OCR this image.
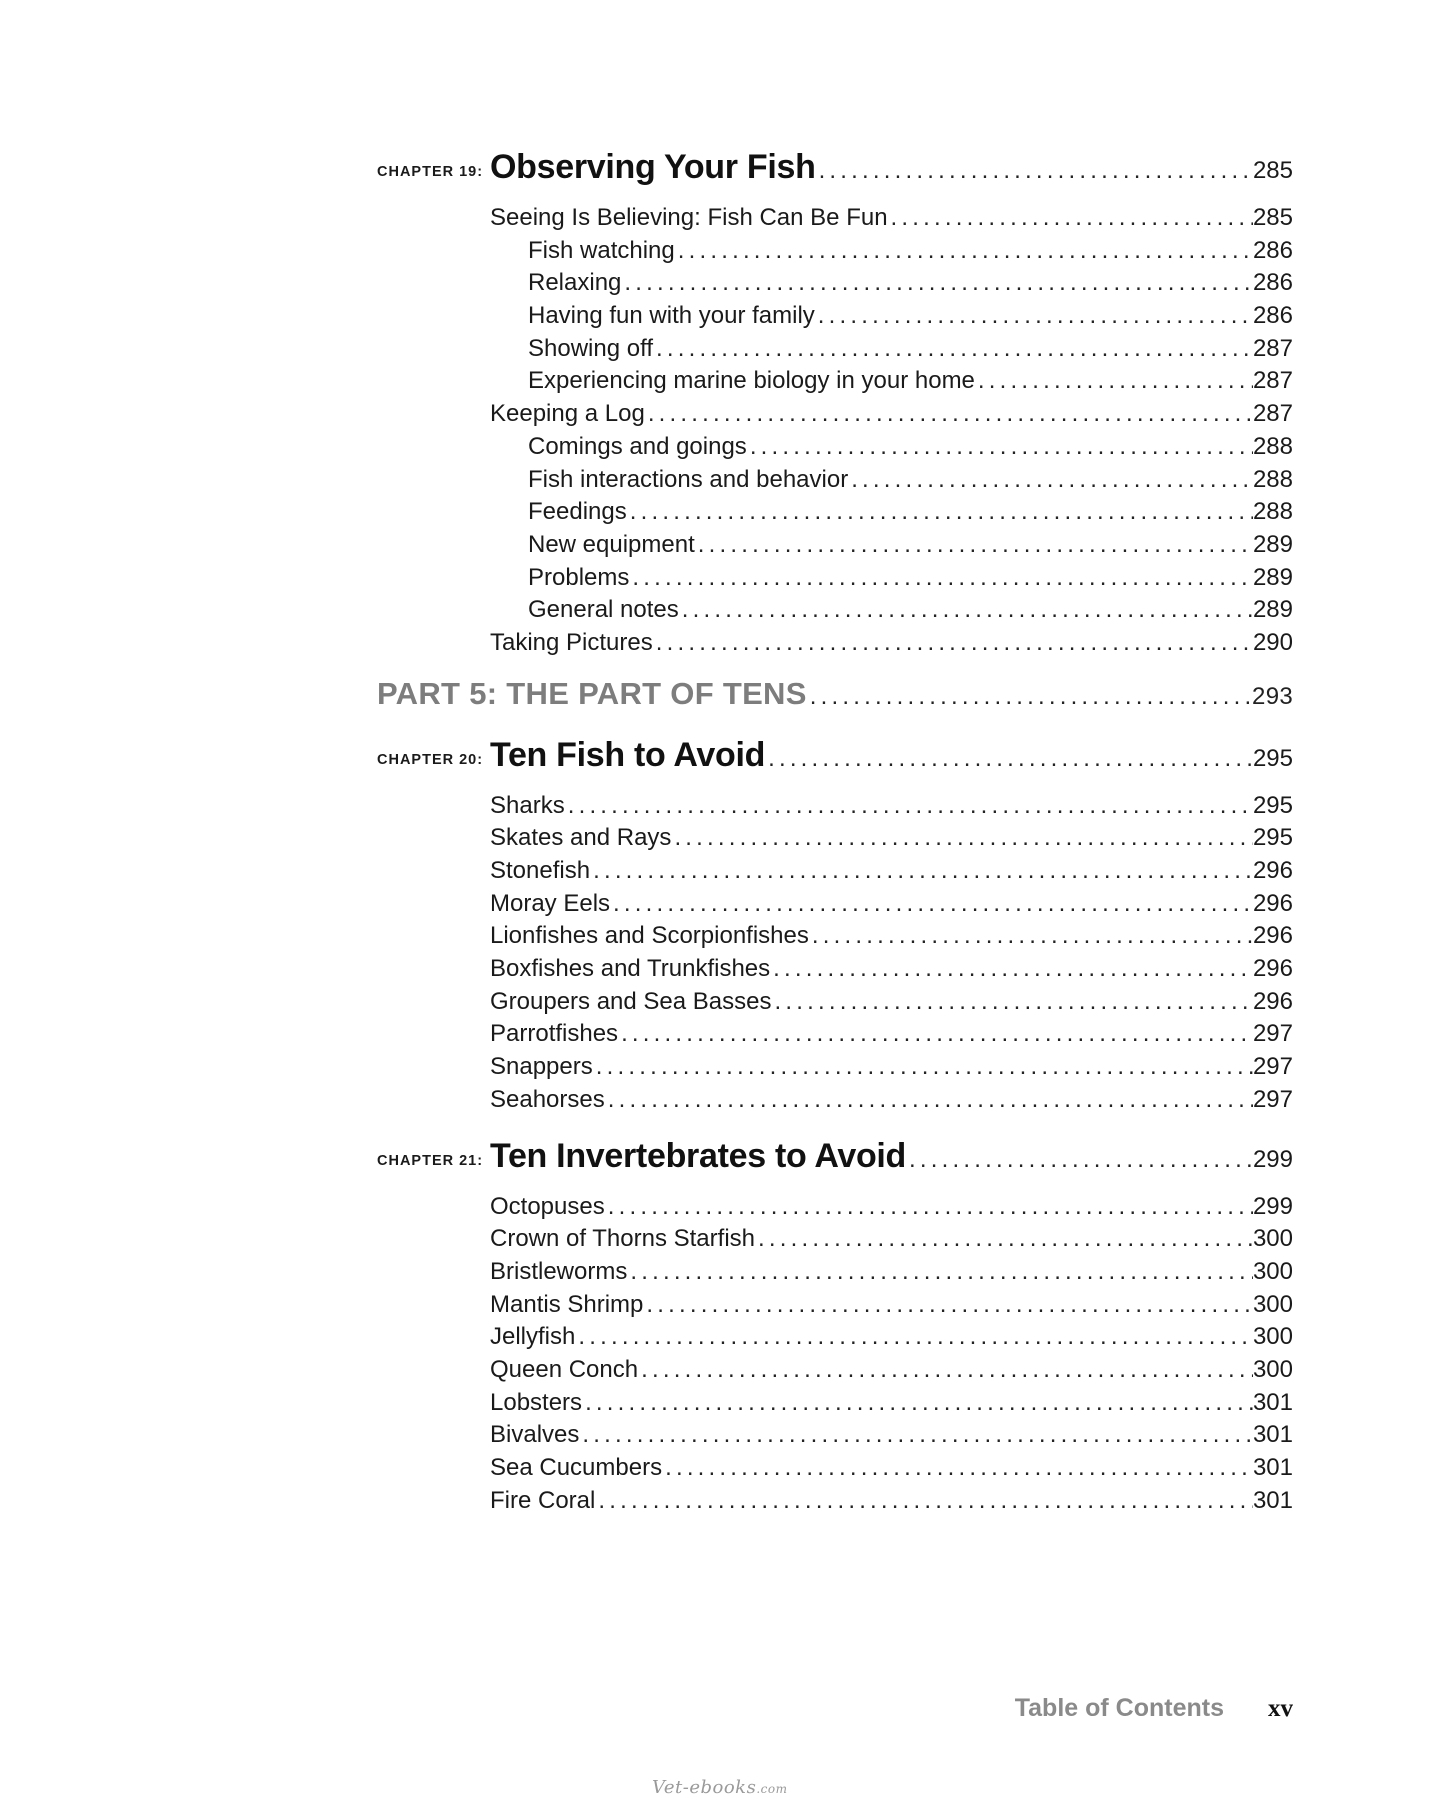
CHAPTER 19: Observing Your Fish .....	285
Seeing Is Believing: Fish Can Be Fun .....	285
Fish watching .....	286
Relaxing .....	286
Having fun with your family .....	286
Showing off .....	287
Experiencing marine biology in your home .....	287
Keeping a Log .....	287
Comings and goings .....	288
Fish interactions and behavior .....	288
Feedings .....	288
New equipment .....	289
Problems .....	289
General notes .....	289
Taking Pictures .....	290
PART 5: THE PART OF TENS .....	293
CHAPTER 20: Ten Fish to Avoid .....	295
Sharks .....	295
Skates and Rays .....	295
Stonefish .....	296
Moray Eels .....	296
Lionfishes and Scorpionfishes .....	296
Boxfishes and Trunkfishes .....	296
Groupers and Sea Basses .....	296
Parrotfishes .....	297
Snappers .....	297
Seahorses .....	297
CHAPTER 21: Ten Invertebrates to Avoid .....	299
Octopuses .....	299
Crown of Thorns Starfish .....	300
Bristleworms .....	300
Mantis Shrimp .....	300
Jellyfish .....	300
Queen Conch .....	300
Lobsters .....	301
Bivalves .....	301
Sea Cucumbers .....	301
Fire Coral .....	301
Table of Contents xv
Vet-ebooks.com
